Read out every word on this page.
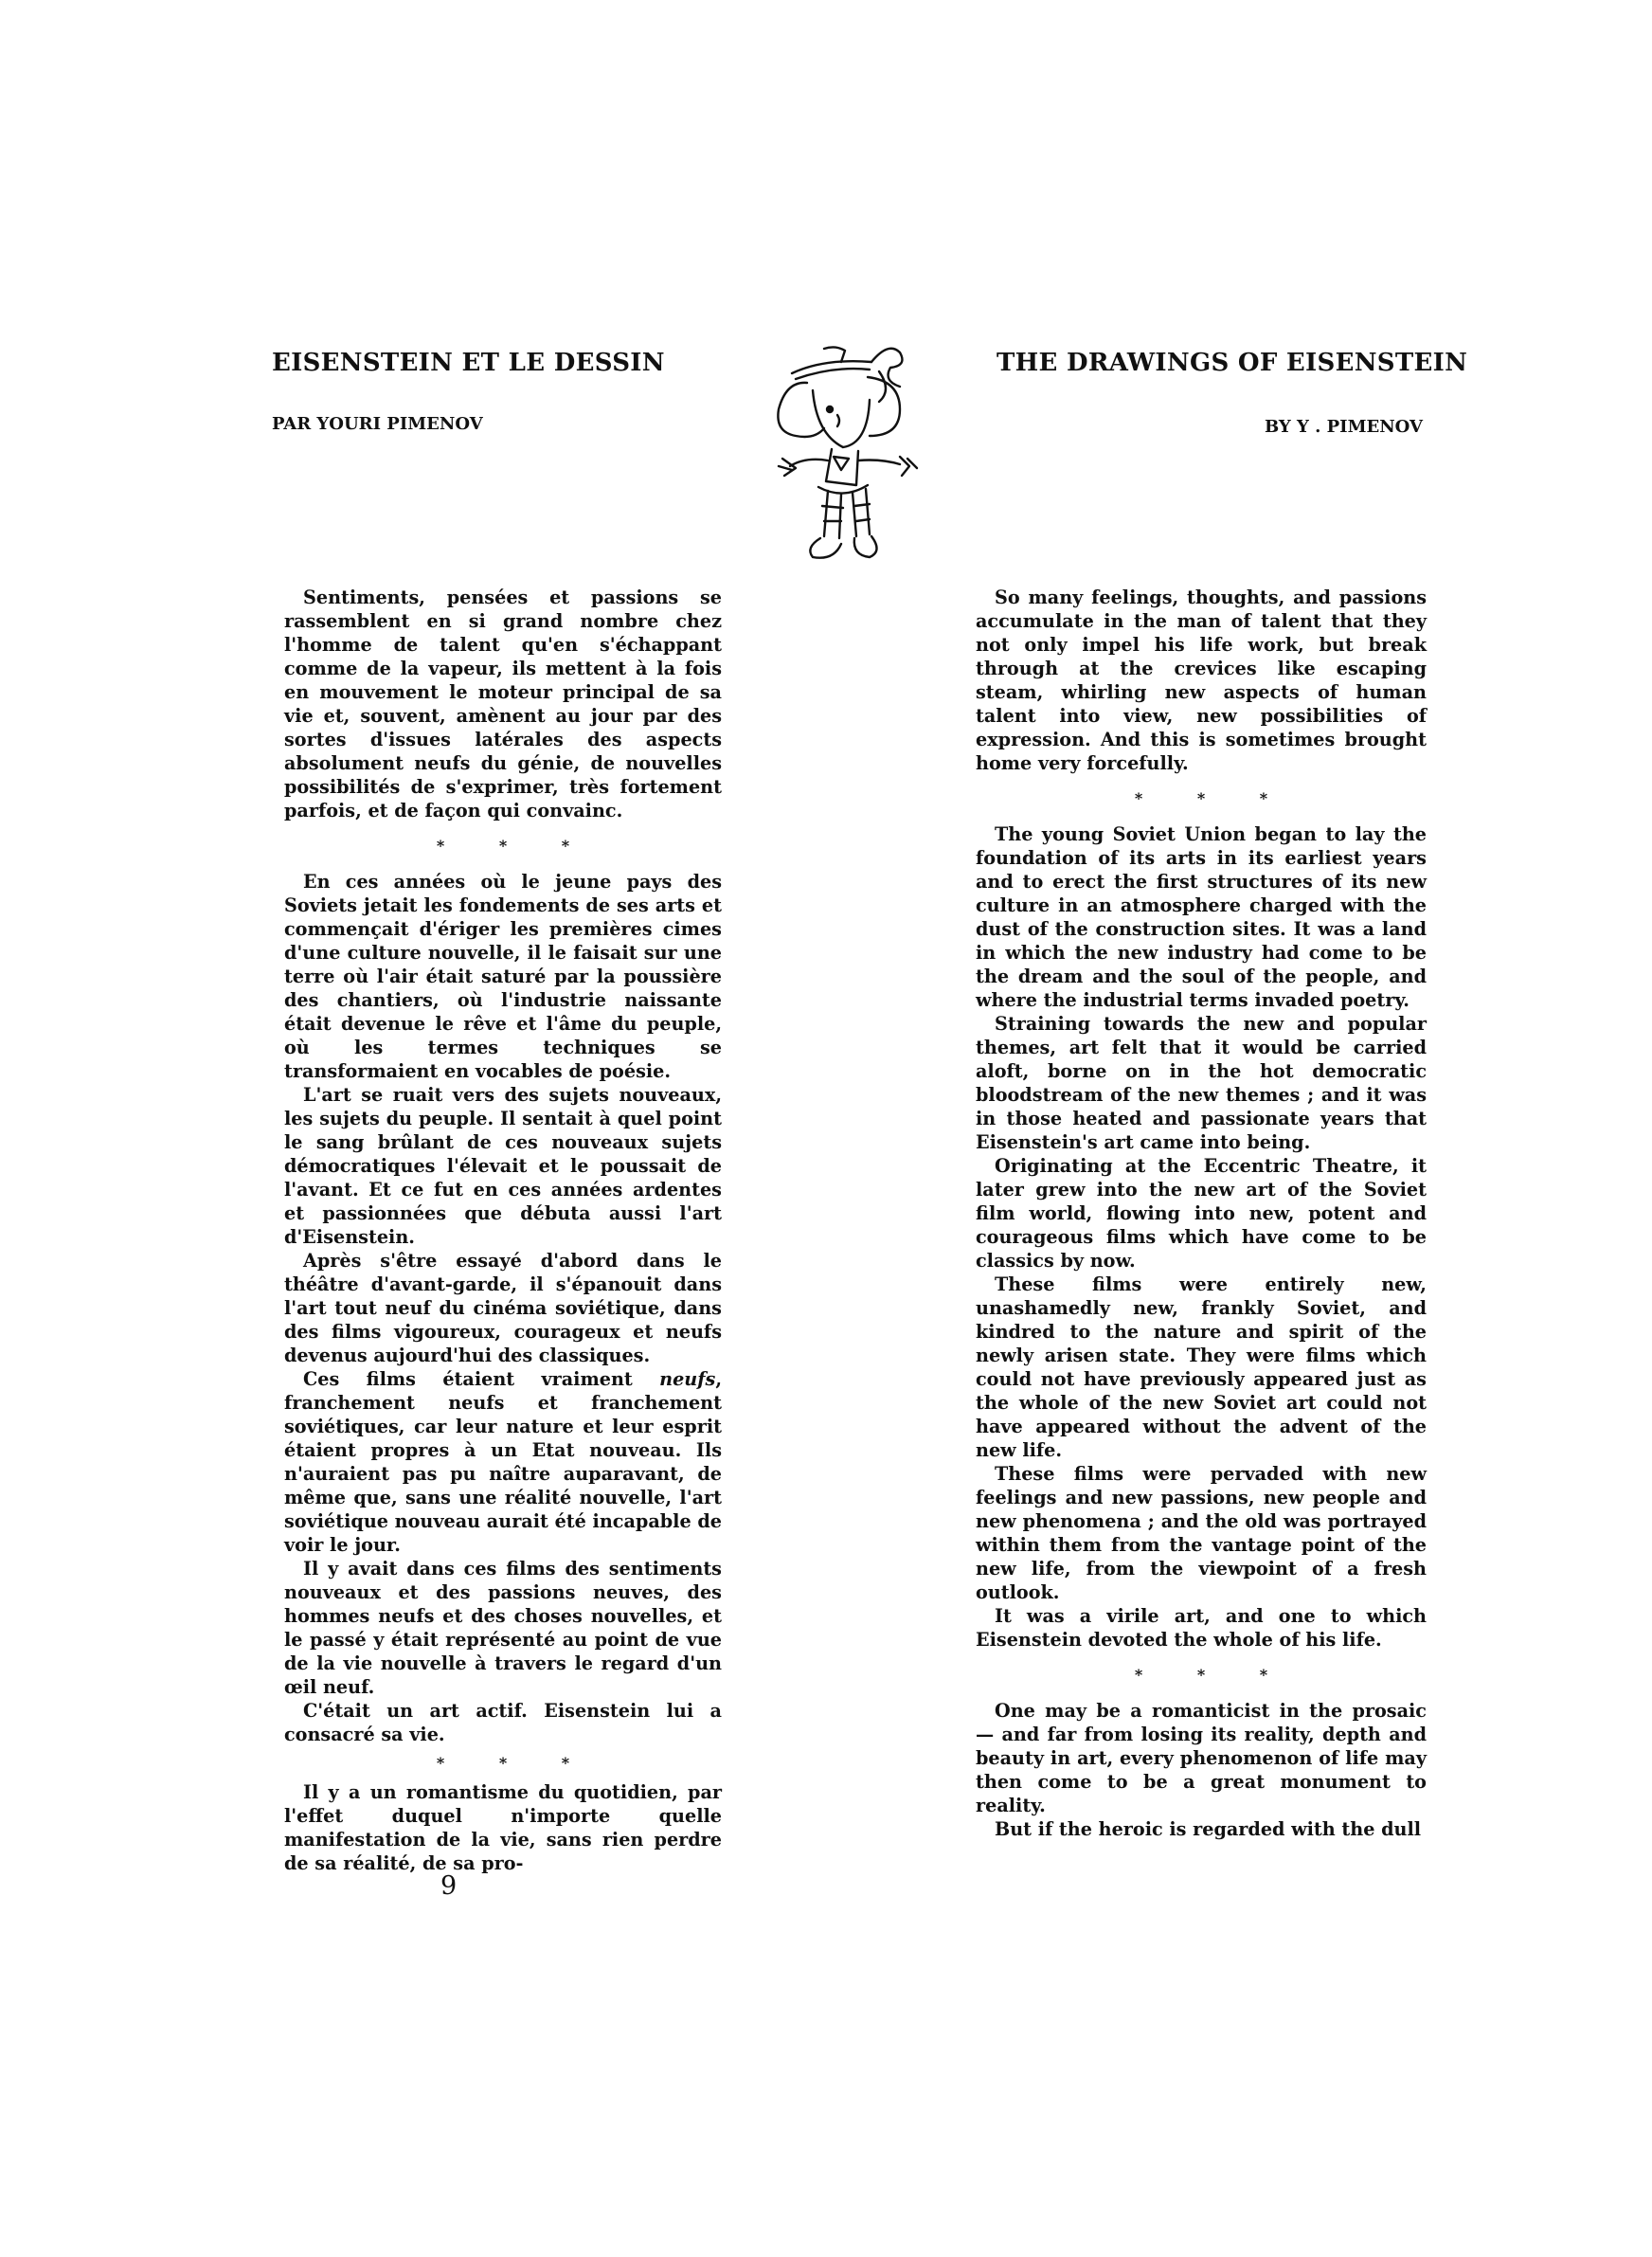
EISENSTEIN ET LE DESSIN
PAR YOURI PIMENOV
THE DRAWINGS OF EISENSTEIN
BY Y . PIMENOV

Sentiments, pensées et passions se rassemblent en si grand nombre chez l'homme de talent qu'en s'échappant comme de la vapeur, ils mettent à la fois en mouvement le moteur principal de sa vie et, souvent, amènent au jour par des sortes d'issues latérales des aspects absolument neufs du génie, de nouvelles possibilités de s'exprimer, très fortement parfois, et de façon qui convainc.

* * *

En ces années où le jeune pays des Soviets jetait les fondements de ses arts et commençait d'ériger les premières cimes d'une culture nouvelle, il le faisait sur une terre où l'air était saturé par la poussière des chantiers, où l'industrie naissante était devenue le rêve et l'âme du peuple, où les termes techniques se transformaient en vocables de poésie.

L'art se ruait vers des sujets nouveaux, les sujets du peuple. Il sentait à quel point le sang brûlant de ces nouveaux sujets démocratiques l'élevait et le poussait de l'avant. Et ce fut en ces années ardentes et passionnées que débuta aussi l'art d'Eisenstein.

Après s'être essayé d'abord dans le théâtre d'avant-garde, il s'épanouit dans l'art tout neuf du cinéma soviétique, dans des films vigoureux, courageux et neufs devenus aujourd'hui des classiques.

Ces films étaient vraiment neufs, franchement neufs et franchement soviétiques, car leur nature et leur esprit étaient propres à un Etat nouveau. Ils n'auraient pas pu naître auparavant, de même que, sans une réalité nouvelle, l'art soviétique nouveau aurait été incapable de voir le jour.

Il y avait dans ces films des sentiments nouveaux et des passions neuves, des hommes neufs et des choses nouvelles, et le passé y était représenté au point de vue de la vie nouvelle à travers le regard d'un œil neuf.

C'était un art actif. Eisenstein lui a consacré sa vie.

* * *

Il y a un romantisme du quotidien, par l'effet duquel n'importe quelle manifestation de la vie, sans rien perdre de sa réalité, de sa pro-

So many feelings, thoughts, and passions accumulate in the man of talent that they not only impel his life work, but break through at the crevices like escaping steam, whirling new aspects of human talent into view, new possibilities of expression. And this is sometimes brought home very forcefully.

* * *

The young Soviet Union began to lay the foundation of its arts in its earliest years and to erect the first structures of its new culture in an atmosphere charged with the dust of the construction sites. It was a land in which the new industry had come to be the dream and the soul of the people, and where the industrial terms invaded poetry.

Straining towards the new and popular themes, art felt that it would be carried aloft, borne on in the hot democratic bloodstream of the new themes ; and it was in those heated and passionate years that Eisenstein's art came into being.

Originating at the Eccentric Theatre, it later grew into the new art of the Soviet film world, flowing into new, potent and courageous films which have come to be classics by now.

These films were entirely new, unashamedly new, frankly Soviet, and kindred to the nature and spirit of the newly arisen state. They were films which could not have previously appeared just as the whole of the new Soviet art could not have appeared without the advent of the new life.

These films were pervaded with new feelings and new passions, new people and new phenomena ; and the old was portrayed within them from the vantage point of the new life, from the viewpoint of a fresh outlook.

It was a virile art, and one to which Eisenstein devoted the whole of his life.

* * *

One may be a romanticist in the prosaic — and far from losing its reality, depth and beauty in art, every phenomenon of life may then come to be a great monument to reality.

But if the heroic is regarded with the dull

9
